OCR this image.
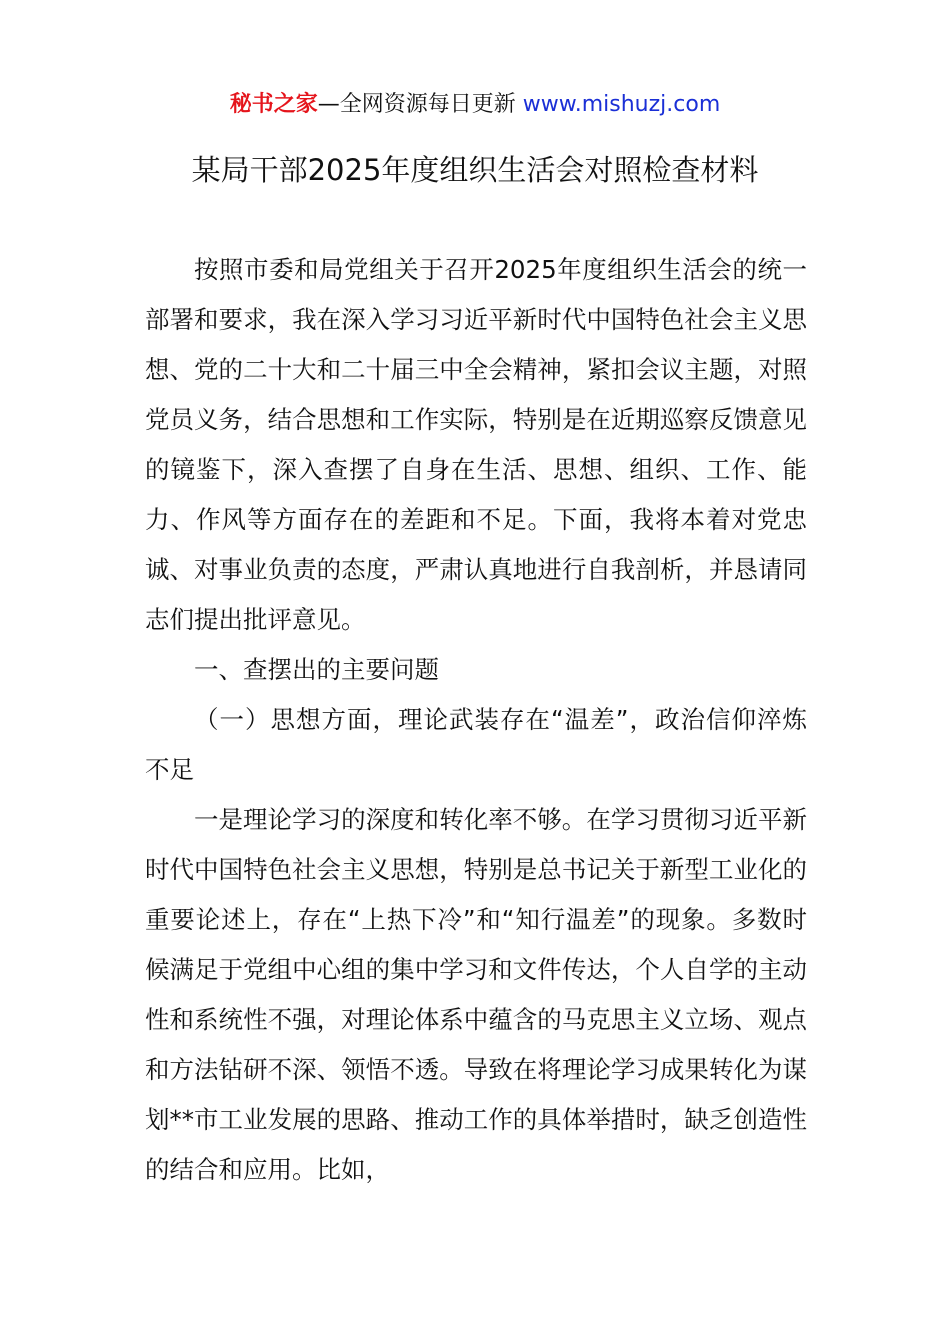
秘书之家—全网资源每日更新 www.mishuzj.com
某局干部2025年度组织生活会对照检查材料

按照市委和局党组关于召开2025年度组织生活会的统一部署和要求，我在深入学习习近平新时代中国特色社会主义思想、党的二十大和二十届三中全会精神，紧扣会议主题，对照党员义务，结合思想和工作实际，特别是在近期巡察反馈意见的镜鉴下，深入查摆了自身在生活、思想、组织、工作、能力、作风等方面存在的差距和不足。下面，我将本着对党忠诚、对事业负责的态度，严肃认真地进行自我剖析，并恳请同志们提出批评意见。

一、查摆出的主要问题

（一）思想方面，理论武装存在“温差”，政治信仰淬炼不足

一是理论学习的深度和转化率不够。在学习贯彻习近平新时代中国特色社会主义思想，特别是总书记关于新型工业化的重要论述上，存在“上热下冷”和“知行温差”的现象。多数时候满足于党组中心组的集中学习和文件传达，个人自学的主动性和系统性不强，对理论体系中蕴含的马克思主义立场、观点和方法钻研不深、领悟不透。导致在将理论学习成果转化为谋划**市工业发展的思路、推动工作的具体举措时，缺乏创造性的结合和应用。比如，
